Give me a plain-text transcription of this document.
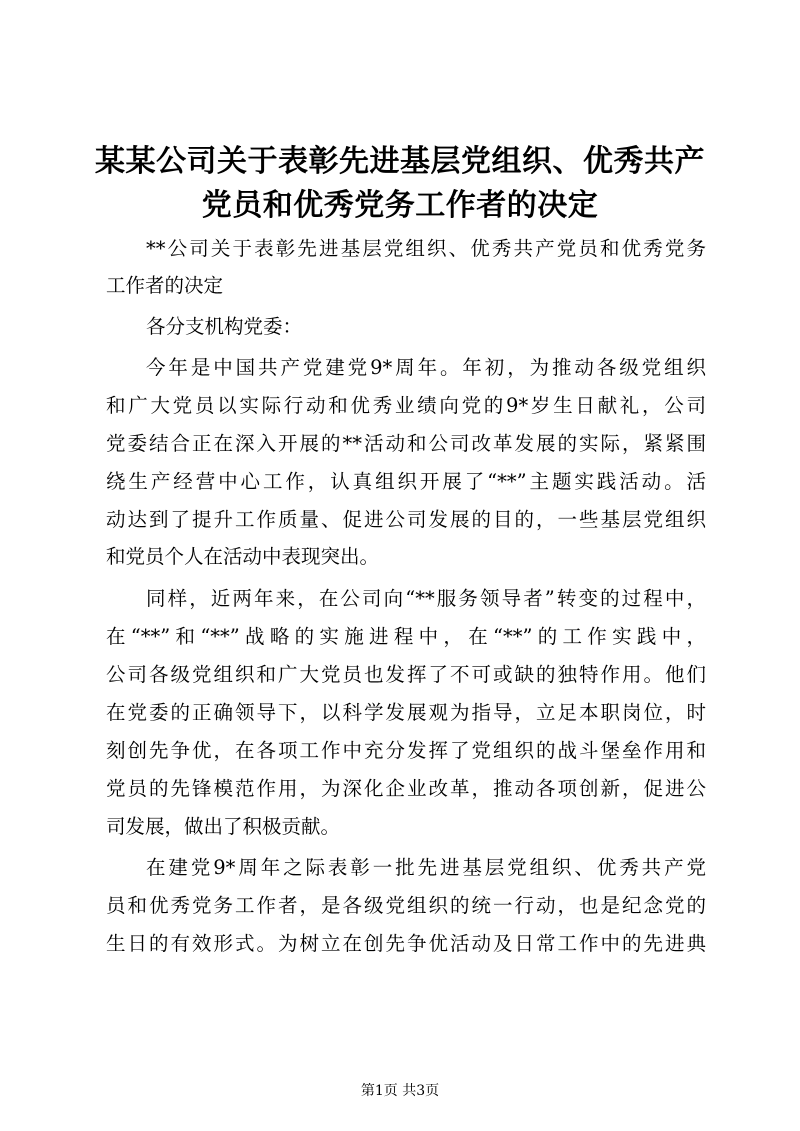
某某公司关于表彰先进基层党组织、优秀共产
党员和优秀党务工作者的决定
**公司关于表彰先进基层党组织、优秀共产党员和优秀党务
工作者的决定
各分支机构党委：
今年是中国共产党建党9*周年。年初，为推动各级党组织
和广大党员以实际行动和优秀业绩向党的9*岁生日献礼，公司
党委结合正在深入开展的**活动和公司改革发展的实际，紧紧围
绕生产经营中心工作，认真组织开展了“**”主题实践活动。活
动达到了提升工作质量、促进公司发展的目的，一些基层党组织
和党员个人在活动中表现突出。
同样，近两年来，在公司向“**服务领导者”转变的过程中，
在“**”和“**”战略的实施进程中，在“**”的工作实践中，
公司各级党组织和广大党员也发挥了不可或缺的独特作用。他们
在党委的正确领导下，以科学发展观为指导，立足本职岗位，时
刻创先争优，在各项工作中充分发挥了党组织的战斗堡垒作用和
党员的先锋模范作用，为深化企业改革，推动各项创新，促进公
司发展，做出了积极贡献。
在建党9*周年之际表彰一批先进基层党组织、优秀共产党
员和优秀党务工作者，是各级党组织的统一行动，也是纪念党的
生日的有效形式。为树立在创先争优活动及日常工作中的先进典
第1页 共3页
